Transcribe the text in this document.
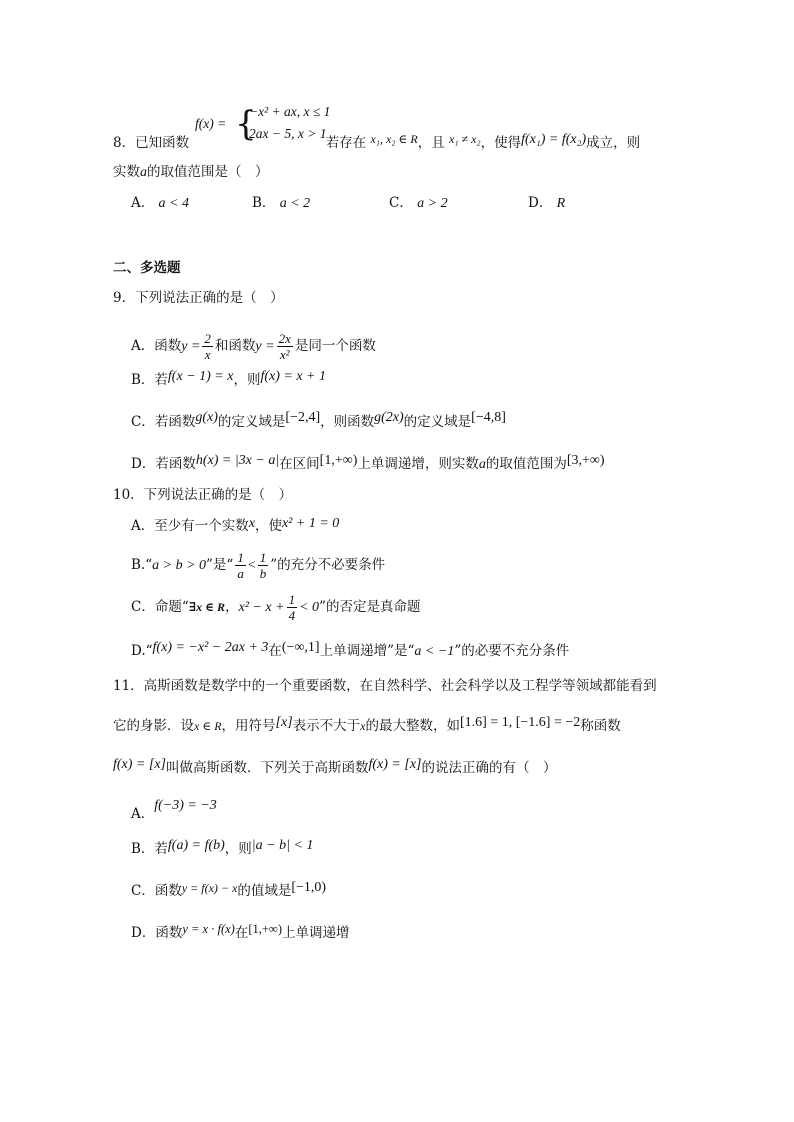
f(x) = {
−x² + ax, x ≤ 1
2ax − 5, x > 1
8．已知函数	若存在 x₁, x₂ ∈ R，且 x₁ ≠ x₂，使得f(x₁) = f(x₂)成立，则
实数a的取值范围是（　）
A． a < 4	B． a < 2	C． a > 2	D． R
二、多选题
9．下列说法正确的是（　）
A．函数$y = \frac{2}{x}$ 和函数$y = \frac{2x}{\text{x²}}$ 是同一个函数
B．若f(x − 1) = x，则f(x) = x + 1
C．若函数g(x)的定义域是[−2,4]，则函数g(2x)的定义域是[−4,8]
D．若函数h(x) = |3x − a|在区间[1,+∞)上单调递增，则实数a的取值范围为[3,+∞)
10．下列说法正确的是（　）
A．至少有一个实数x，使x² + 1 = 0
B.“a > b > 0”是“ $\frac{1}{a} < \frac{1}{b}$ ”的充分不必要条件
C．命题“∃x ∈ R，$x^2 - x + \frac{1}{4} < 0$”的否定是真命题
D.“f(x) = −x² − 2ax + 3在(−∞,1]上单调递增”是“a < −1”的必要不充分条件
11．高斯函数是数学中的一个重要函数，在自然科学、社会科学以及工程学等领域都能看到
它的身影．设x ∈ R，用符号[x]表示不大于x的最大整数，如[1.6] = 1, [−1.6] = −2称函数
f(x) = [x]叫做高斯函数．下列关于高斯函数f(x) = [x]的说法正确的有（　）
A．f(−3) = −3
B．若f(a) = f(b)，则|a − b| < 1
C．函数y = f(x) − x的值域是[−1,0)
D．函数y = x · f(x)在[1,+∞)上单调递增
